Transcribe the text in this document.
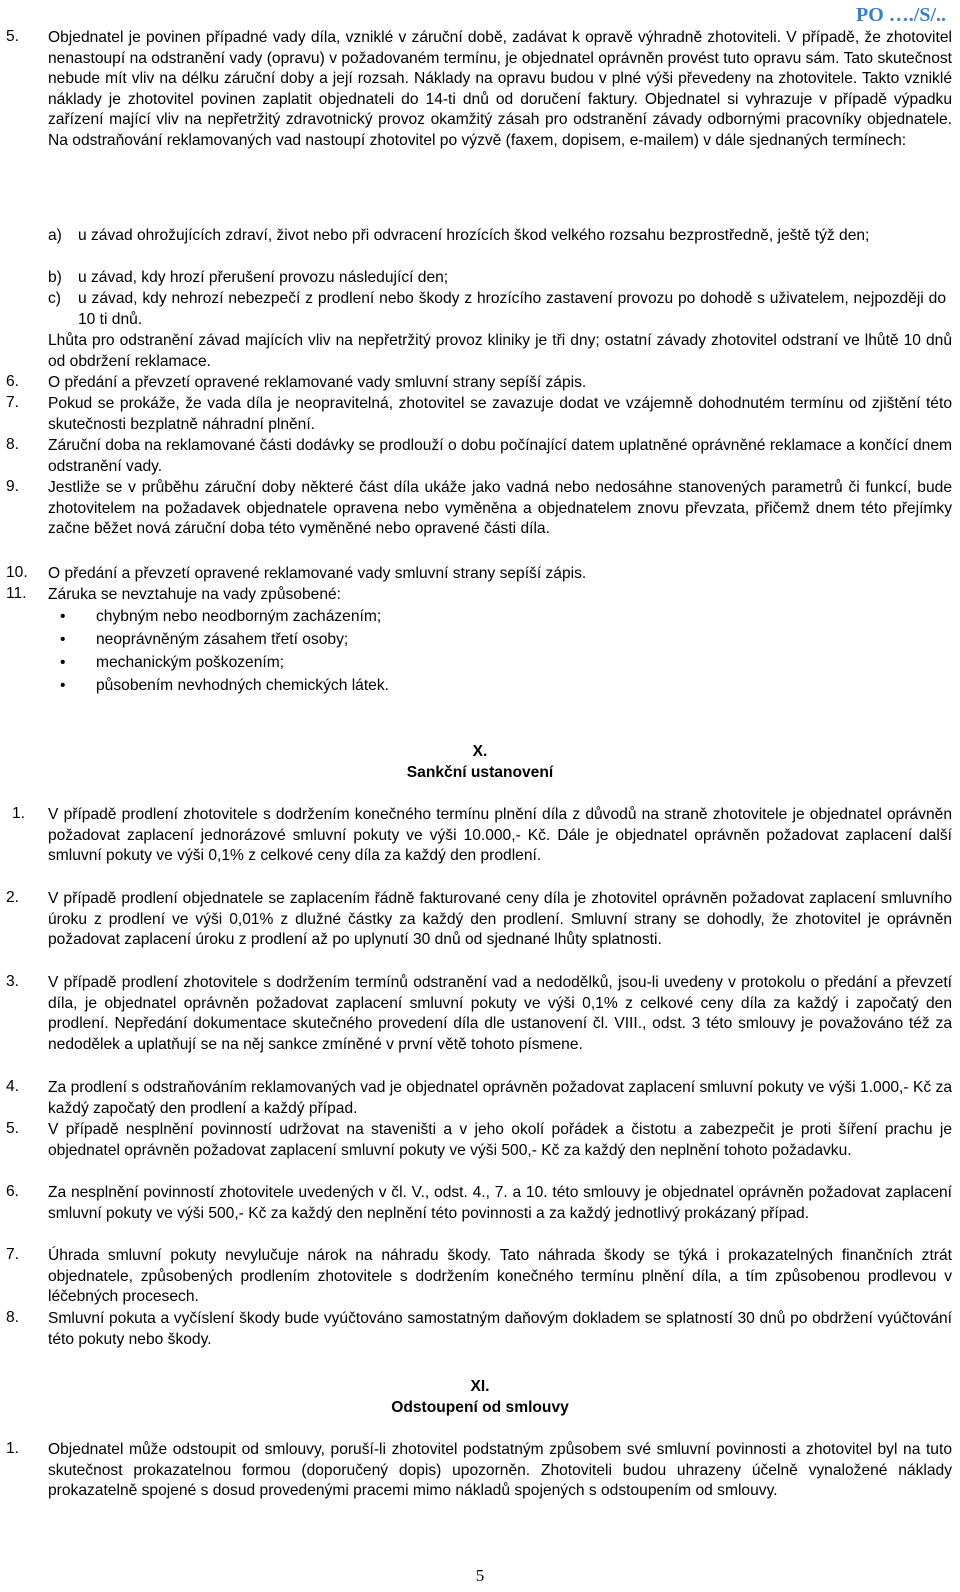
PO …./S/..
5.	Objednatel je povinen případné vady díla, vzniklé v záruční době, zadávat k opravě výhradně zhotoviteli. V případě, že zhotovitel nenastoupí na odstranění vady (opravu) v požadovaném termínu, je objednatel oprávněn provést tuto opravu sám. Tato skutečnost nebude mít vliv na délku záruční doby a její rozsah. Náklady na opravu budou v plné výši převedeny na zhotovitele. Takto vzniklé náklady je zhotovitel povinen zaplatit objednateli do 14-ti dnů od doručení faktury. Objednatel si vyhrazuje v případě výpadku zařízení mající vliv na nepřetržitý zdravotnický provoz okamžitý zásah pro odstranění závady odbornými pracovníky objednatele. Na odstraňování reklamovaných vad nastoupí zhotovitel po výzvě (faxem, dopisem, e-mailem) v dále sjednaných termínech:

a) u závad ohrožujících zdraví, život nebo při odvracení hrozících škod velkého rozsahu bezprostředně, ještě týž den;
b) u závad, kdy hrozí přerušení provozu následující den;
c) u závad, kdy nehrozí nebezpečí z prodlení nebo škody z hrozícího zastavení provozu po dohodě s uživatelem, nejpozději do 10 ti dnů.

Lhůta pro odstranění závad majících vliv na nepřetržitý provoz kliniky je tři dny; ostatní závady zhotovitel odstraní ve lhůtě 10 dnů od obdržení reklamace.

6.	O předání a převzetí opravené reklamované vady smluvní strany sepíší zápis.

7.	Pokud se prokáže, že vada díla je neopravitelná, zhotovitel se zavazuje dodat ve vzájemně dohodnutém termínu od zjištění této skutečnosti bezplatně náhradní plnění.

8.	Záruční doba na reklamované části dodávky se prodlouží o dobu počínající datem uplatněné oprávněné reklamace a končící dnem odstranění vady.

9.	Jestliže se v průběhu záruční doby některé část díla ukáže jako vadná nebo nedosáhne stanovených parametrů či funkcí, bude zhotovitelem na požadavek objednatele opravena nebo vyměněna a objednatelem znovu převzata, přičemž dnem této přejímky začne běžet nová záruční doba této vyměněné nebo opravené části díla.

10.	O předání a převzetí opravené reklamované vady smluvní strany sepíší zápis.

11.	Záruka se nevztahuje na vady způsobené:

• chybným nebo neodborným zacházením;
• neoprávněným zásahem třetí osoby;
• mechanickým poškozením;
• působením nevhodných chemických látek.
X.
Sankční ustanovení
1.	V případě prodlení zhotovitele s dodržením konečného termínu plnění díla z důvodů na straně zhotovitele je objednatel oprávněn požadovat zaplacení jednorázové smluvní pokuty ve výši 10.000,- Kč. Dále je objednatel oprávněn požadovat zaplacení další smluvní pokuty ve výši 0,1% z celkové ceny díla za každý den prodlení.

2.	V případě prodlení objednatele se zaplacením řádně fakturované ceny díla je zhotovitel oprávněn požadovat zaplacení smluvního úroku z prodlení ve výši 0,01% z dlužné částky za každý den prodlení. Smluvní strany se dohodly, že zhotovitel je oprávněn požadovat zaplacení úroku z prodlení až po uplynutí 30 dnů od sjednané lhůty splatnosti.

3.	V případě prodlení zhotovitele s dodržením termínů odstranění vad a nedodělků, jsou-li uvedeny v protokolu o předání a převzetí díla, je objednatel oprávněn požadovat zaplacení smluvní pokuty ve výši 0,1% z celkové ceny díla za každý i započatý den prodlení. Nepředání dokumentace skutečného provedení díla dle ustanovení čl. VIII., odst. 3 této smlouvy je považováno též za nedodělek a uplatňují se na něj sankce zmíněné v první větě tohoto písmene.

4.	Za prodlení s odstraňováním reklamovaných vad je objednatel oprávněn požadovat zaplacení smluvní pokuty ve výši 1.000,- Kč za každý započatý den prodlení a každý případ.

5.	V případě nesplnění povinností udržovat na staveništi a v jeho okolí pořádek a čistotu a zabezpečit je proti šíření prachu je objednatel oprávněn požadovat zaplacení smluvní pokuty ve výši 500,- Kč za každý den neplnění tohoto požadavku.

6.	Za nesplnění povinností zhotovitele uvedených v čl. V., odst. 4., 7. a 10. této smlouvy je objednatel oprávněn požadovat zaplacení smluvní pokuty ve výši 500,- Kč za každý den neplnění této povinnosti a za každý jednotlivý prokázaný případ.

7.	Úhrada smluvní pokuty nevylučuje nárok na náhradu škody. Tato náhrada škody se týká i prokazatelných finančních ztrát objednatele, způsobených prodlením zhotovitele s dodržením konečného termínu plnění díla, a tím způsobenou prodlevou v léčebných procesech.

8.	Smluvní pokuta a vyčíslení škody bude vyúčtováno samostatným daňovým dokladem se splatností 30 dnů po obdržení vyúčtování této pokuty nebo škody.

XI.
Odstoupení od smlouvy
1.	Objednatel může odstoupit od smlouvy, poruší-li zhotovitel podstatným způsobem své smluvní povinnosti a zhotovitel byl na tuto skutečnost prokazatelnou formou (doporučený dopis) upozorněn. Zhotoviteli budou uhrazeny účelně vynaložené náklady prokazatelně spojené s dosud provedenými pracemi mimo nákladů spojených s odstoupením od smlouvy.

5
